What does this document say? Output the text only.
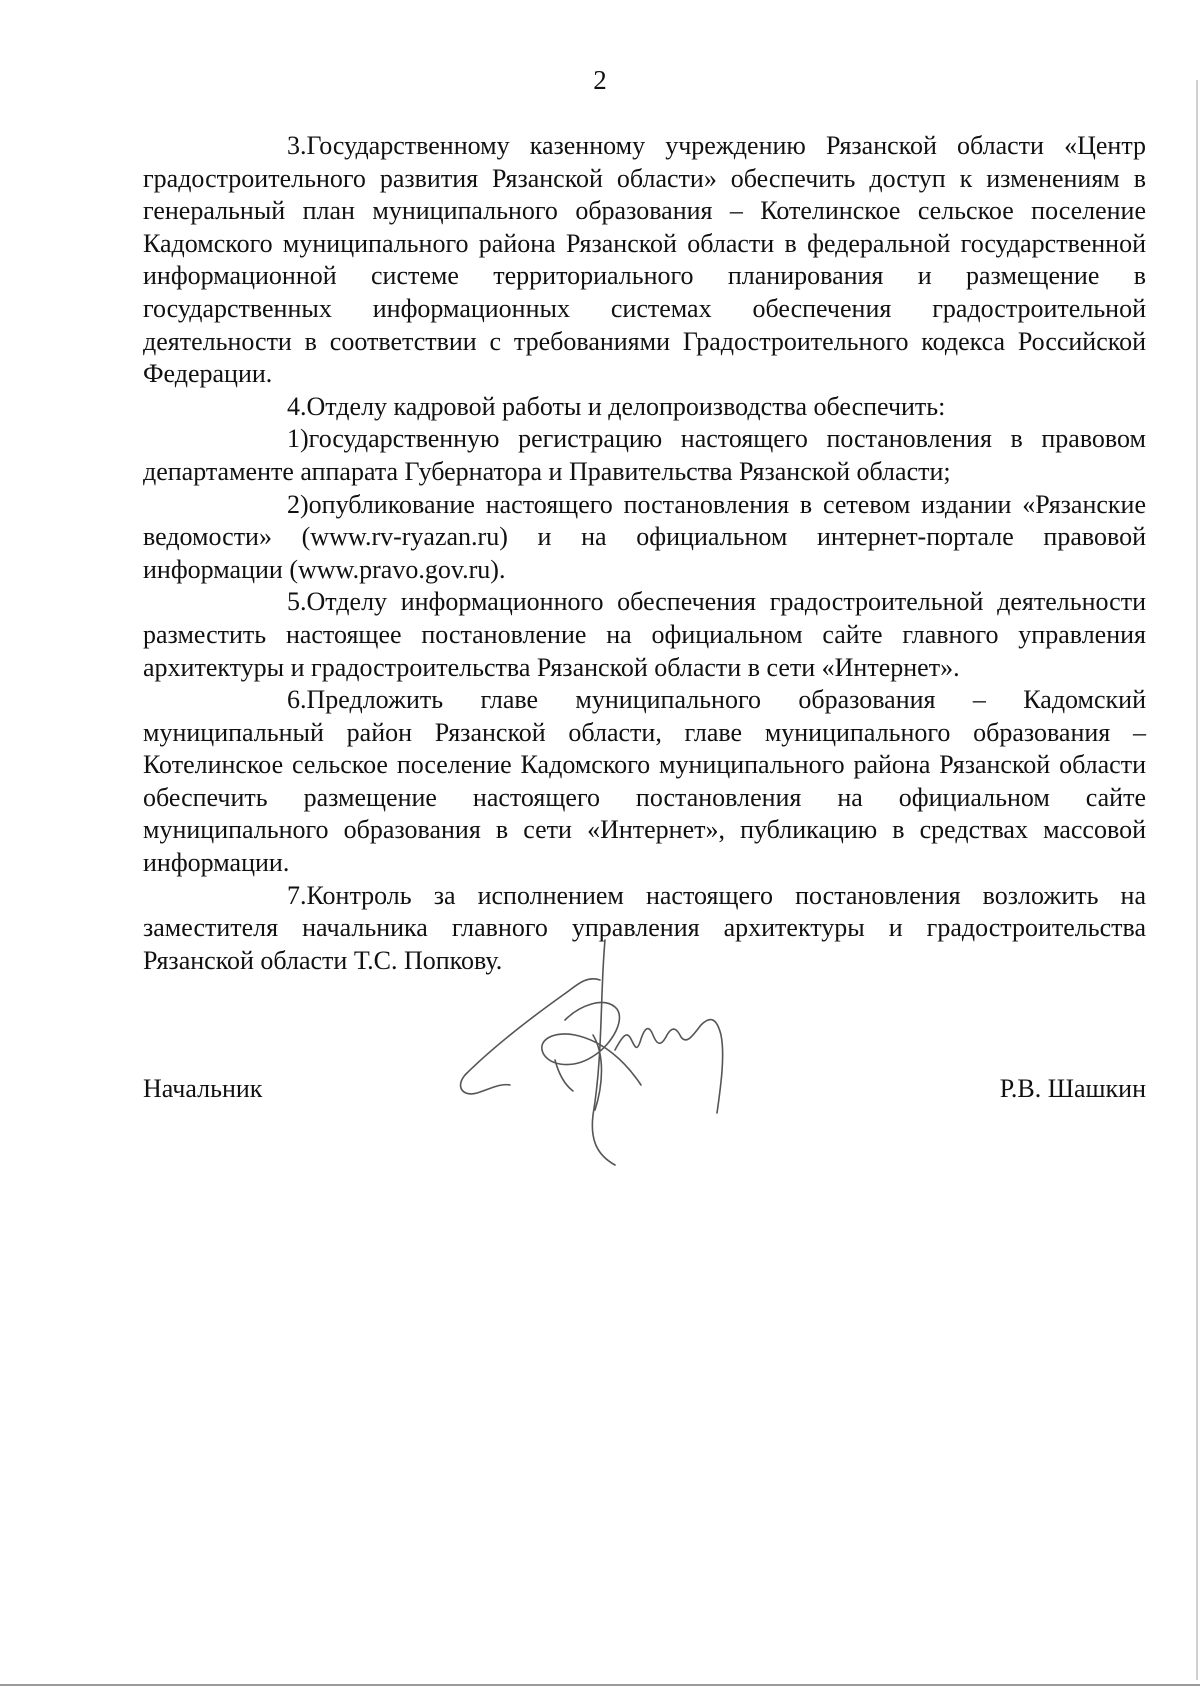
2

3.Государственному казенному учреждению Рязанской области «Центр градостроительного развития Рязанской области» обеспечить доступ к изменениям в генеральный план муниципального образования – Котелинское сельское поселение Кадомского муниципального района Рязанской области в федеральной государственной информационной системе территориального планирования и размещение в государственных информационных системах обеспечения градостроительной деятельности в соответствии с требованиями Градостроительного кодекса Российской Федерации.

4.Отделу кадровой работы и делопроизводства обеспечить:

1)государственную регистрацию настоящего постановления в правовом департаменте аппарата Губернатора и Правительства Рязанской области;

2)опубликование настоящего постановления в сетевом издании «Рязанские ведомости» (www.rv-ryazan.ru) и на официальном интернет-портале правовой информации (www.pravo.gov.ru).

5.Отделу информационного обеспечения градостроительной деятельности разместить настоящее постановление на официальном сайте главного управления архитектуры и градостроительства Рязанской области в сети «Интернет».

6.Предложить главе муниципального образования – Кадомский муниципальный район Рязанской области, главе муниципального образования – Котелинское сельское поселение Кадомского муниципального района Рязанской области обеспечить размещение настоящего постановления на официальном сайте муниципального образования в сети «Интернет», публикацию в средствах массовой информации.

7.Контроль за исполнением настоящего постановления возложить на заместителя начальника главного управления архитектуры и градостроительства Рязанской области Т.С. Попкову.

Начальник	Р.В. Шашкин
